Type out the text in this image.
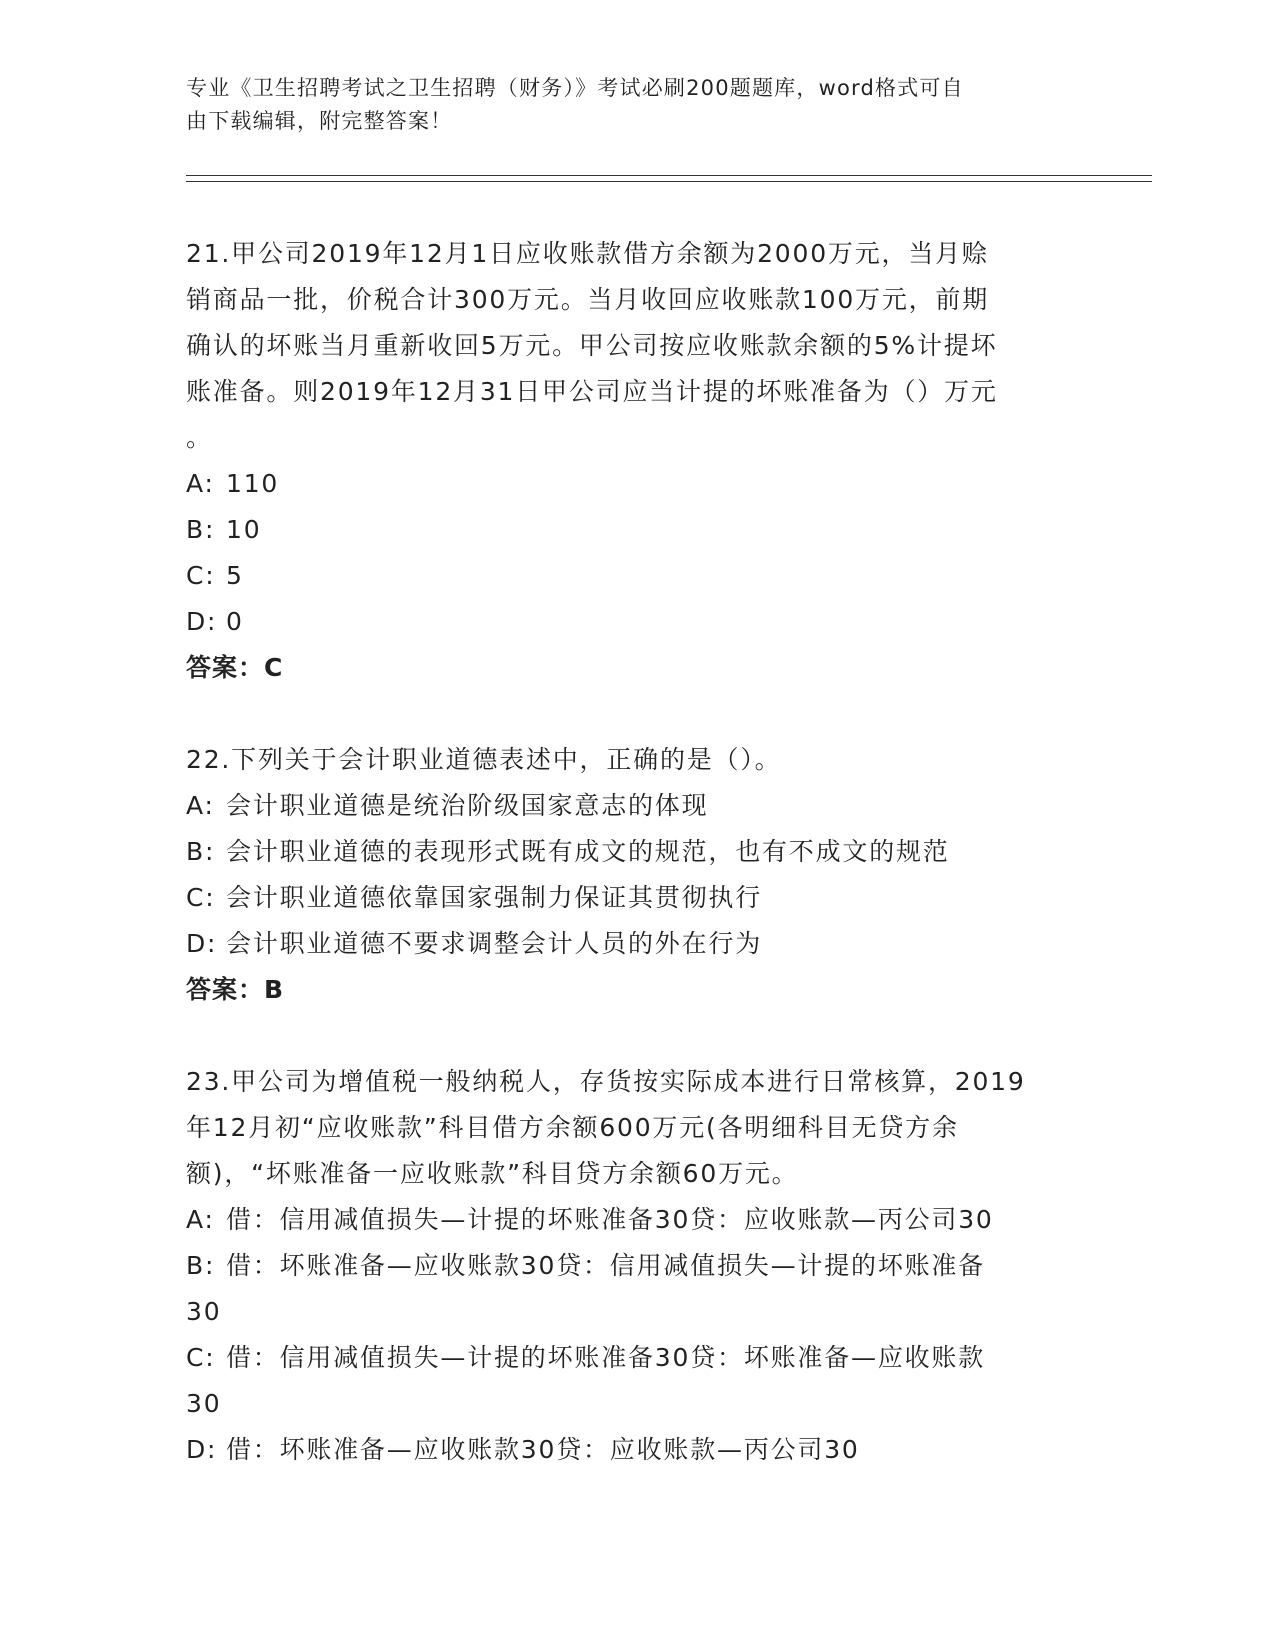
专业《卫生招聘考试之卫生招聘（财务）》考试必刷200题题库，word格式可自
由下载编辑，附完整答案！
21.甲公司2019年12月1日应收账款借方余额为2000万元，当月赊
销商品一批，价税合计300万元。当月收回应收账款100万元，前期
确认的坏账当月重新收回5万元。甲公司按应收账款余额的5%计提坏
账准备。则2019年12月31日甲公司应当计提的坏账准备为（）万元
。
A: 110
B: 10
C: 5
D: 0
答案：C
22.下列关于会计职业道德表述中，正确的是（）。
A: 会计职业道德是统治阶级国家意志的体现
B: 会计职业道德的表现形式既有成文的规范，也有不成文的规范
C: 会计职业道德依靠国家强制力保证其贯彻执行
D: 会计职业道德不要求调整会计人员的外在行为
答案：B
23.甲公司为增值税一般纳税人，存货按实际成本进行日常核算，2019
年12月初“应收账款”科目借方余额600万元(各明细科目无贷方余
额)，“坏账准备一应收账款”科目贷方余额60万元。
A: 借：信用减值损失—计提的坏账准备30贷：应收账款—丙公司30
B: 借：坏账准备—应收账款30贷：信用减值损失—计提的坏账准备
30
C: 借：信用减值损失—计提的坏账准备30贷：坏账准备—应收账款
30
D: 借：坏账准备—应收账款30贷：应收账款—丙公司30
